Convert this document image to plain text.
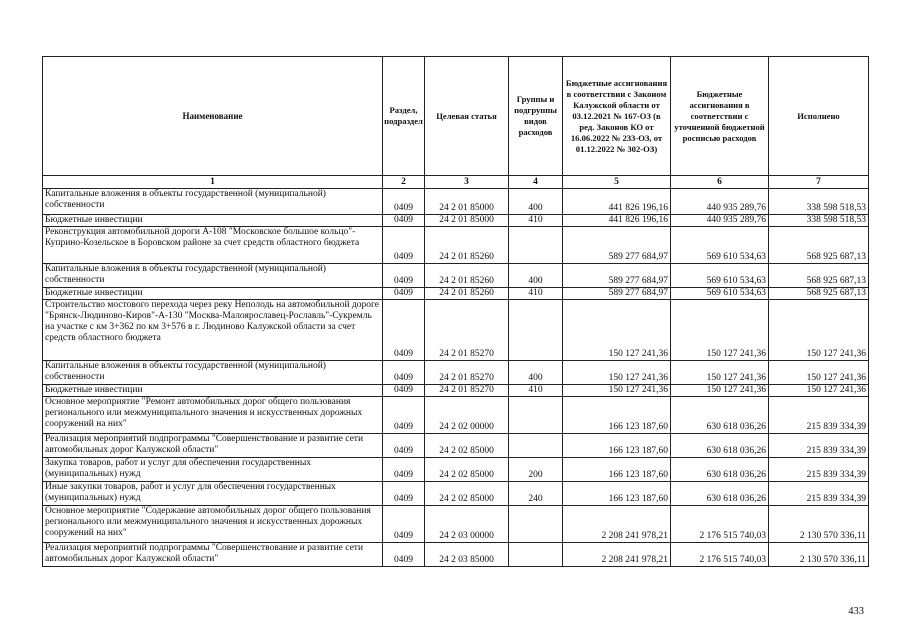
Наименование	Раздел, подраздел	Целевая статья	Группы и подгруппы видов расходов	Бюджетные ассигнования в соответствии с Законом Калужской области от 03.12.2021 № 167-ОЗ (в ред. Законов КО от 16.06.2022 № 233-ОЗ, от 01.12.2022 № 302-ОЗ)	Бюджетные ассигнования в соответствии с уточненной бюджетной росписью расходов	Исполнено
1	2	3	4	5	6	7
Капитальные вложения в объекты государственной (муниципальной) собственности	0409	24 2 01 85000	400	441 826 196,16	440 935 289,76	338 598 518,53
Бюджетные инвестиции	0409	24 2 01 85000	410	441 826 196,16	440 935 289,76	338 598 518,53
Реконструкция автомобильной дороги А-108 "Московское большое кольцо"-Куприно-Козельское в Боровском районе за счет средств областного бюджета	0409	24 2 01 85260		589 277 684,97	569 610 534,63	568 925 687,13
Капитальные вложения в объекты государственной (муниципальной) собственности	0409	24 2 01 85260	400	589 277 684,97	569 610 534,63	568 925 687,13
Бюджетные инвестиции	0409	24 2 01 85260	410	589 277 684,97	569 610 534,63	568 925 687,13
Строительство мостового перехода через реку Неполодь на автомобильной дороге "Брянск-Людиново-Киров"-А-130 "Москва-Малоярославец-Рославль"-Сукремль на участке с км 3+362 по км 3+576 в г. Людиново Калужской области за счет средств областного бюджета	0409	24 2 01 85270		150 127 241,36	150 127 241,36	150 127 241,36
Капитальные вложения в объекты государственной (муниципальной) собственности	0409	24 2 01 85270	400	150 127 241,36	150 127 241,36	150 127 241,36
Бюджетные инвестиции	0409	24 2 01 85270	410	150 127 241,36	150 127 241,36	150 127 241,36
Основное мероприятие "Ремонт автомобильных дорог общего пользования регионального или межмуниципального значения и искусственных дорожных сооружений на них"	0409	24 2 02 00000		166 123 187,60	630 618 036,26	215 839 334,39
Реализация мероприятий подпрограммы "Совершенствование и развитие сети автомобильных дорог Калужской области"	0409	24 2 02 85000		166 123 187,60	630 618 036,26	215 839 334,39
Закупка товаров, работ и услуг для обеспечения государственных (муниципальных) нужд	0409	24 2 02 85000	200	166 123 187,60	630 618 036,26	215 839 334,39
Иные закупки товаров, работ и услуг для обеспечения государственных (муниципальных) нужд	0409	24 2 02 85000	240	166 123 187,60	630 618 036,26	215 839 334,39
Основное мероприятие "Содержание автомобильных дорог общего пользования регионального или межмуниципального значения и искусственных дорожных сооружений на них"	0409	24 2 03 00000		2 208 241 978,21	2 176 515 740,03	2 130 570 336,11
Реализация мероприятий подпрограммы "Совершенствование и развитие сети автомобильных дорог Калужской области"	0409	24 2 03 85000		2 208 241 978,21	2 176 515 740,03	2 130 570 336,11
433
